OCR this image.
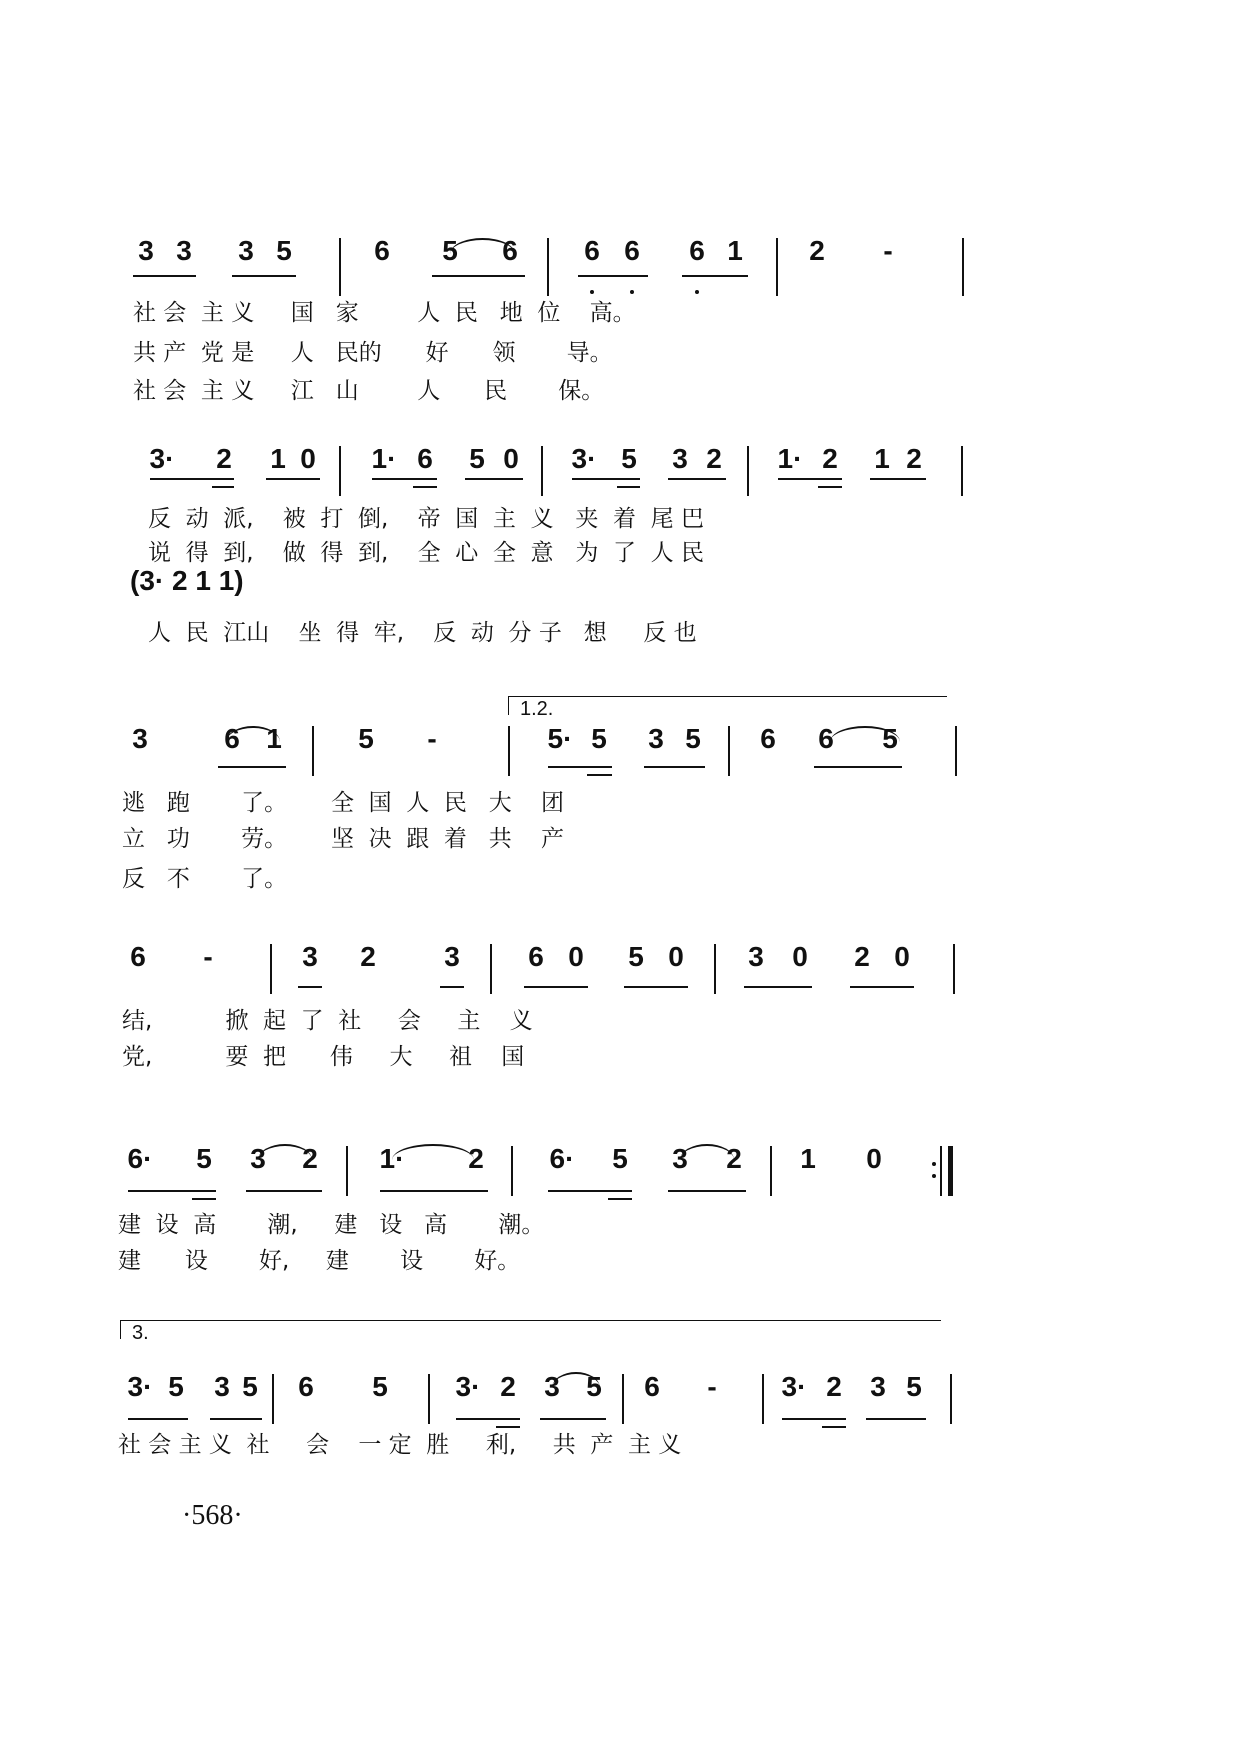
3 3 3 5	6 5 6 6 6 6 1 2 -
社 会  主 义     国   家        人  民   地  位    高。
共 产  党 是     人   民的      好      领       导。
社 会  主 义     江   山        人      民       保。
3· 2 1 0 1· 6 5 0 3· 5 3 2 1· 2 1 2
(3· 2 1 1)
反  动  派,    被  打  倒,    帝  国  主  义   夹  着  尾 巴
说  得  到,    做  得  到,    全  心  全  意   为  了  人 民
人  民  江山    坐  得  牢,    反  动  分 子   想     反 也
3	6 1	5 -	5· 5 3 5 6 6 5
1.2.
逃   跑       了。      全  国  人  民   大    团
立   功       劳。      坚  决  跟  着   共    产
反   不       了。
6 -	3 2 3 6 0 5 0 3 0 2 0
结,          掀  起  了  社     会     主    义
党,          要  把      伟     大     祖    国
6· 5 3 2 1· 2 6· 5 3 2 1 0
建  设  高       潮,     建   设   高       潮。
建      设       好,     建       设       好。
3· 5 3 5 6 5 3· 2 3 5 6 - 3· 2 3 5
3.
社 会 主 义  社     会    一 定  胜     利,     共  产  主 义
·568·
